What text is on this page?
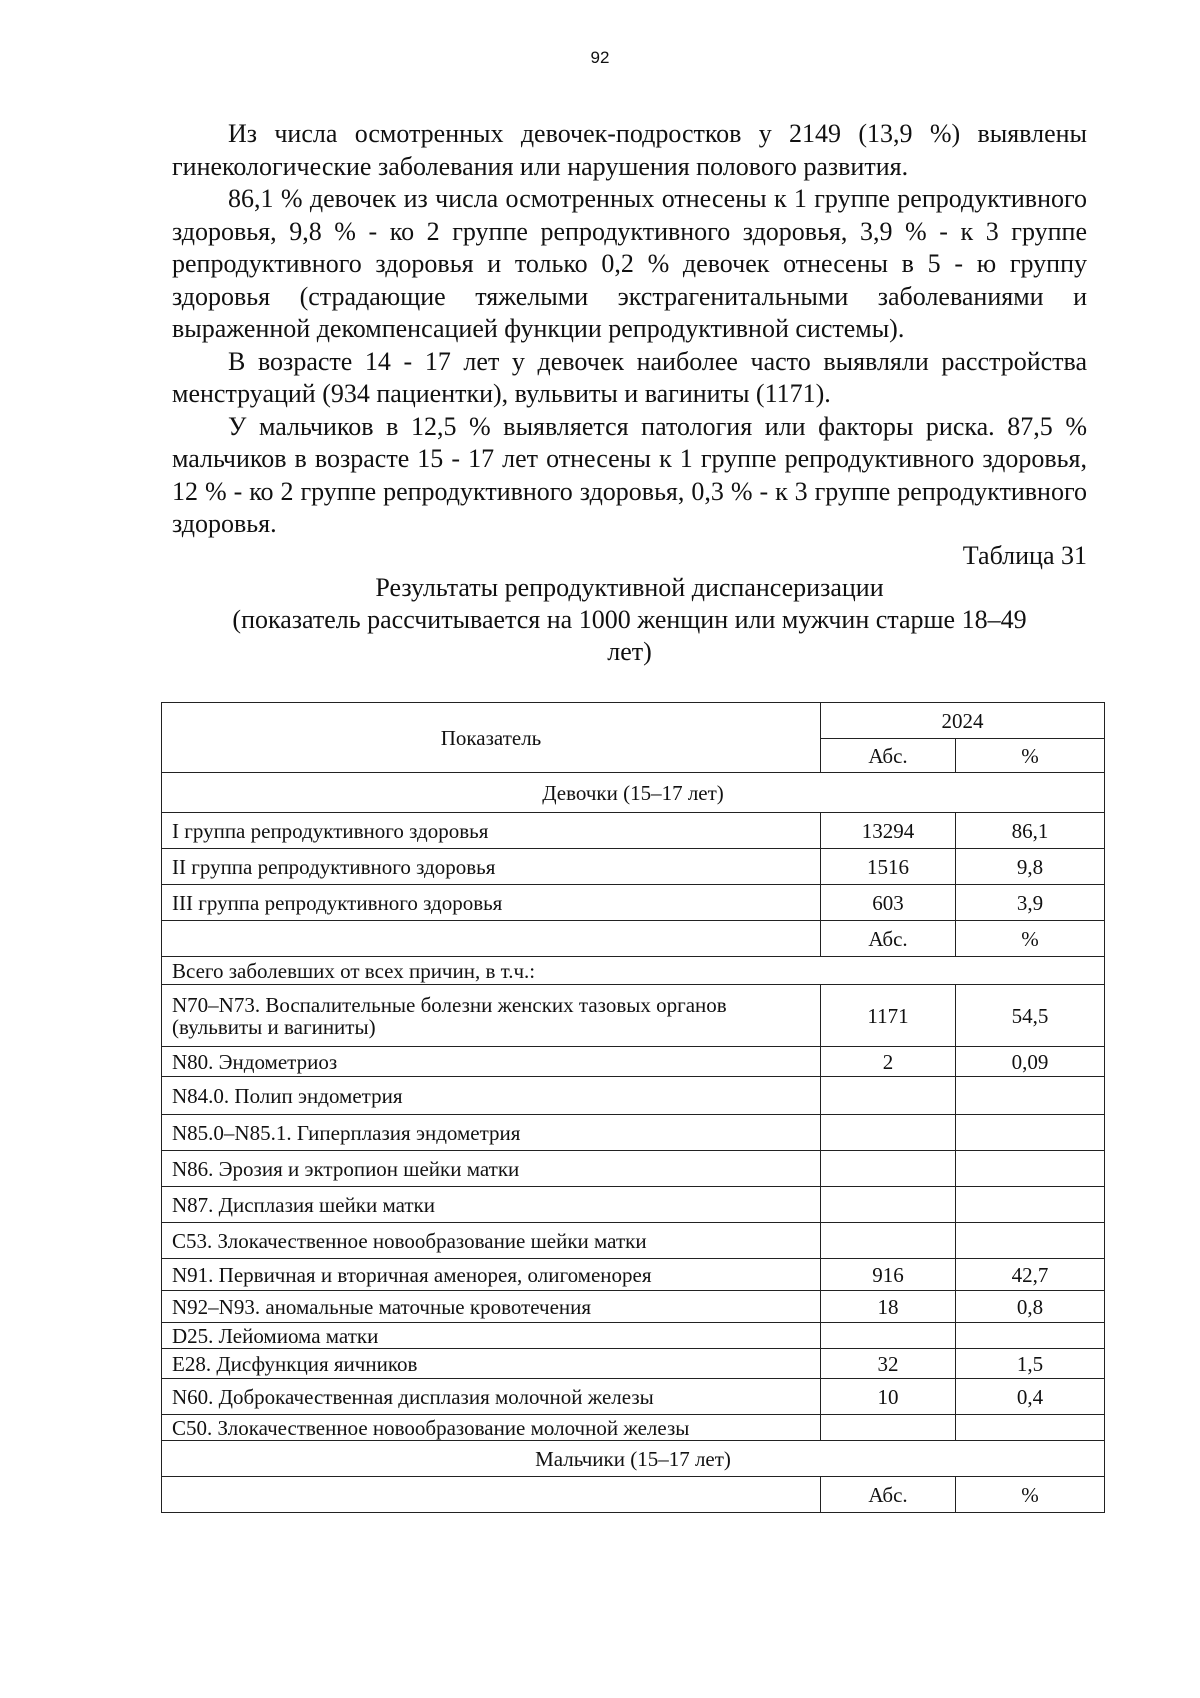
92

Из числа осмотренных девочек-подростков у 2149 (13,9 %) выявлены гинекологические заболевания или нарушения полового развития.

86,1 % девочек из числа осмотренных отнесены к 1 группе репродуктивного здоровья, 9,8 % - ко 2 группе репродуктивного здоровья, 3,9 % - к 3 группе репродуктивного здоровья и только 0,2 % девочек отнесены в 5 - ю группу здоровья (страдающие тяжелыми экстрагенитальными заболеваниями и выраженной декомпенсацией функции репродуктивной системы).

В возрасте 14 - 17 лет у девочек наиболее часто выявляли расстройства менструаций (934 пациентки), вульвиты и вагиниты (1171).

У мальчиков в 12,5 % выявляется патология или факторы риска. 87,5 % мальчиков в возрасте 15 - 17 лет отнесены к 1 группе репродуктивного здоровья, 12 % - ко 2 группе репродуктивного здоровья, 0,3 % - к 3 группе репродуктивного здоровья.

Таблица 31
Результаты репродуктивной диспансеризации
(показатель рассчитывается на 1000 женщин или мужчин старше 18–49
лет)
Показатель	2024	
	Абс.	%
Девочки (15–17 лет)		
I группа репродуктивного здоровья	13294	86,1
II группа репродуктивного здоровья	1516	9,8
III группа репродуктивного здоровья	603	3,9
	Абс.	%
Всего заболевших от всех причин, в т.ч.:		
N70–N73. Воспалительные болезни женских тазовых органов (вульвиты и вагиниты)	1171	54,5
N80. Эндометриоз	2	0,09
N84.0. Полип эндометрия		
N85.0–N85.1. Гиперплазия эндометрия		
N86. Эрозия и эктропион шейки матки		
N87. Дисплазия шейки матки		
C53. Злокачественное новообразование шейки матки		
N91. Первичная и вторичная аменорея, олигоменорея	916	42,7
N92–N93. аномальные маточные кровотечения	18	0,8
D25. Лейомиома матки		
E28. Дисфункция яичников	32	1,5
N60. Доброкачественная дисплазия молочной железы	10	0,4
C50. Злокачественное новообразование молочной железы		
Мальчики (15–17 лет)		
	Абс.	%
